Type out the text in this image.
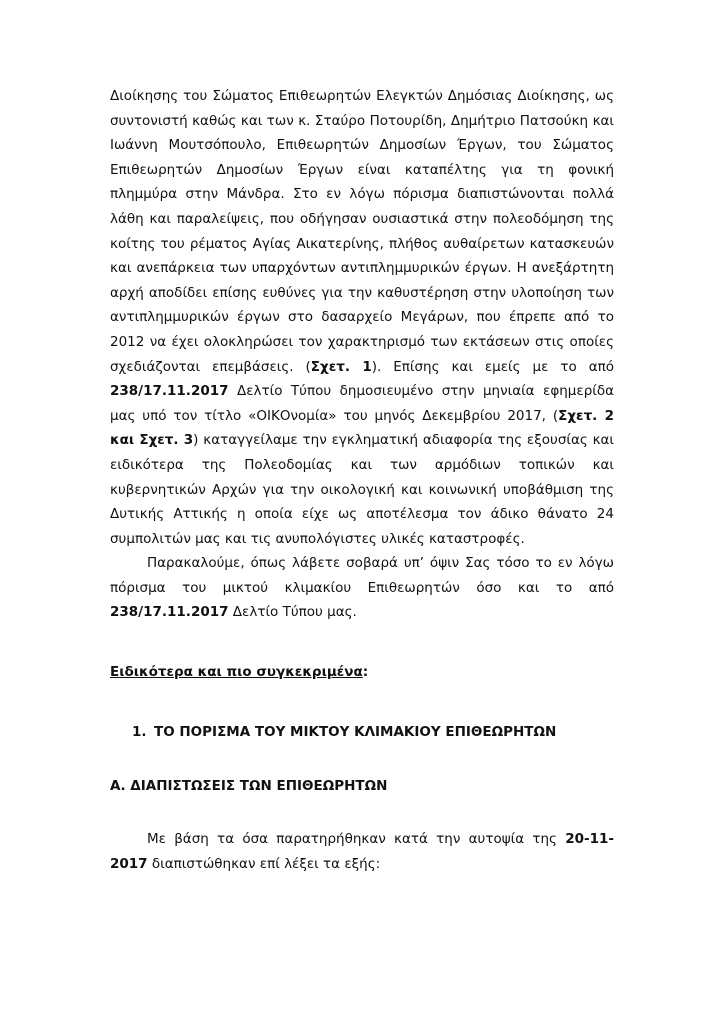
Διοίκησης του Σώματος Επιθεωρητών Ελεγκτών Δημόσιας Διοίκησης, ως συντονιστή καθώς και των κ. Σταύρο Ποτουρίδη, Δημήτριο Πατσούκη και Ιωάννη Μουτσόπουλο, Επιθεωρητών Δημοσίων Έργων, του Σώματος Επιθεωρητών Δημοσίων Έργων είναι καταπέλτης για τη φονική πλημμύρα στην Μάνδρα. Στο εν λόγω πόρισμα διαπιστώνονται πολλά λάθη και παραλείψεις, που οδήγησαν ουσιαστικά στην πολεοδόμηση της κοίτης του ρέματος Αγίας Αικατερίνης, πλήθος αυθαίρετων κατασκευών και ανεπάρκεια των υπαρχόντων αντιπλημμυρικών έργων. Η ανεξάρτητη αρχή αποδίδει επίσης ευθύνες για την καθυστέρηση στην υλοποίηση των αντιπλημμυρικών έργων στο δασαρχείο Μεγάρων, που έπρεπε από το 2012 να έχει ολοκληρώσει τον χαρακτηρισμό των εκτάσεων στις οποίες σχεδιάζονται επεμβάσεις. (Σχετ. 1). Επίσης και εμείς με το από 238/17.11.2017 Δελτίο Τύπου δημοσιευμένο στην μηνιαία εφημερίδα μας υπό τον τίτλο «ΟΙΚΟνομία» του μηνός Δεκεμβρίου 2017, (Σχετ. 2 και Σχετ. 3) καταγγείλαμε την εγκληματική αδιαφορία της εξουσίας και ειδικότερα της Πολεοδομίας και των αρμόδιων τοπικών και κυβερνητικών Αρχών για την οικολογική και κοινωνική υποβάθμιση της Δυτικής Αττικής η οποία είχε ως αποτέλεσμα τον άδικο θάνατο 24 συμπολιτών μας και τις ανυπολόγιστες υλικές καταστροφές.

Παρακαλούμε, όπως λάβετε σοβαρά υπ’ όψιν Σας τόσο το εν λόγω πόρισμα του μικτού κλιμακίου Επιθεωρητών όσο και το από 238/17.11.2017 Δελτίο Τύπου μας.

Ειδικότερα και πιο συγκεκριμένα:

1. ΤΟ ΠΟΡΙΣΜΑ ΤΟΥ ΜΙΚΤΟΥ ΚΛΙΜΑΚΙΟΥ ΕΠΙΘΕΩΡΗΤΩΝ

Α. ΔΙΑΠΙΣΤΩΣΕΙΣ ΤΩΝ ΕΠΙΘΕΩΡΗΤΩΝ

Με βάση τα όσα παρατηρήθηκαν κατά την αυτοψία της 20-11-2017 διαπιστώθηκαν επί λέξει τα εξής:
